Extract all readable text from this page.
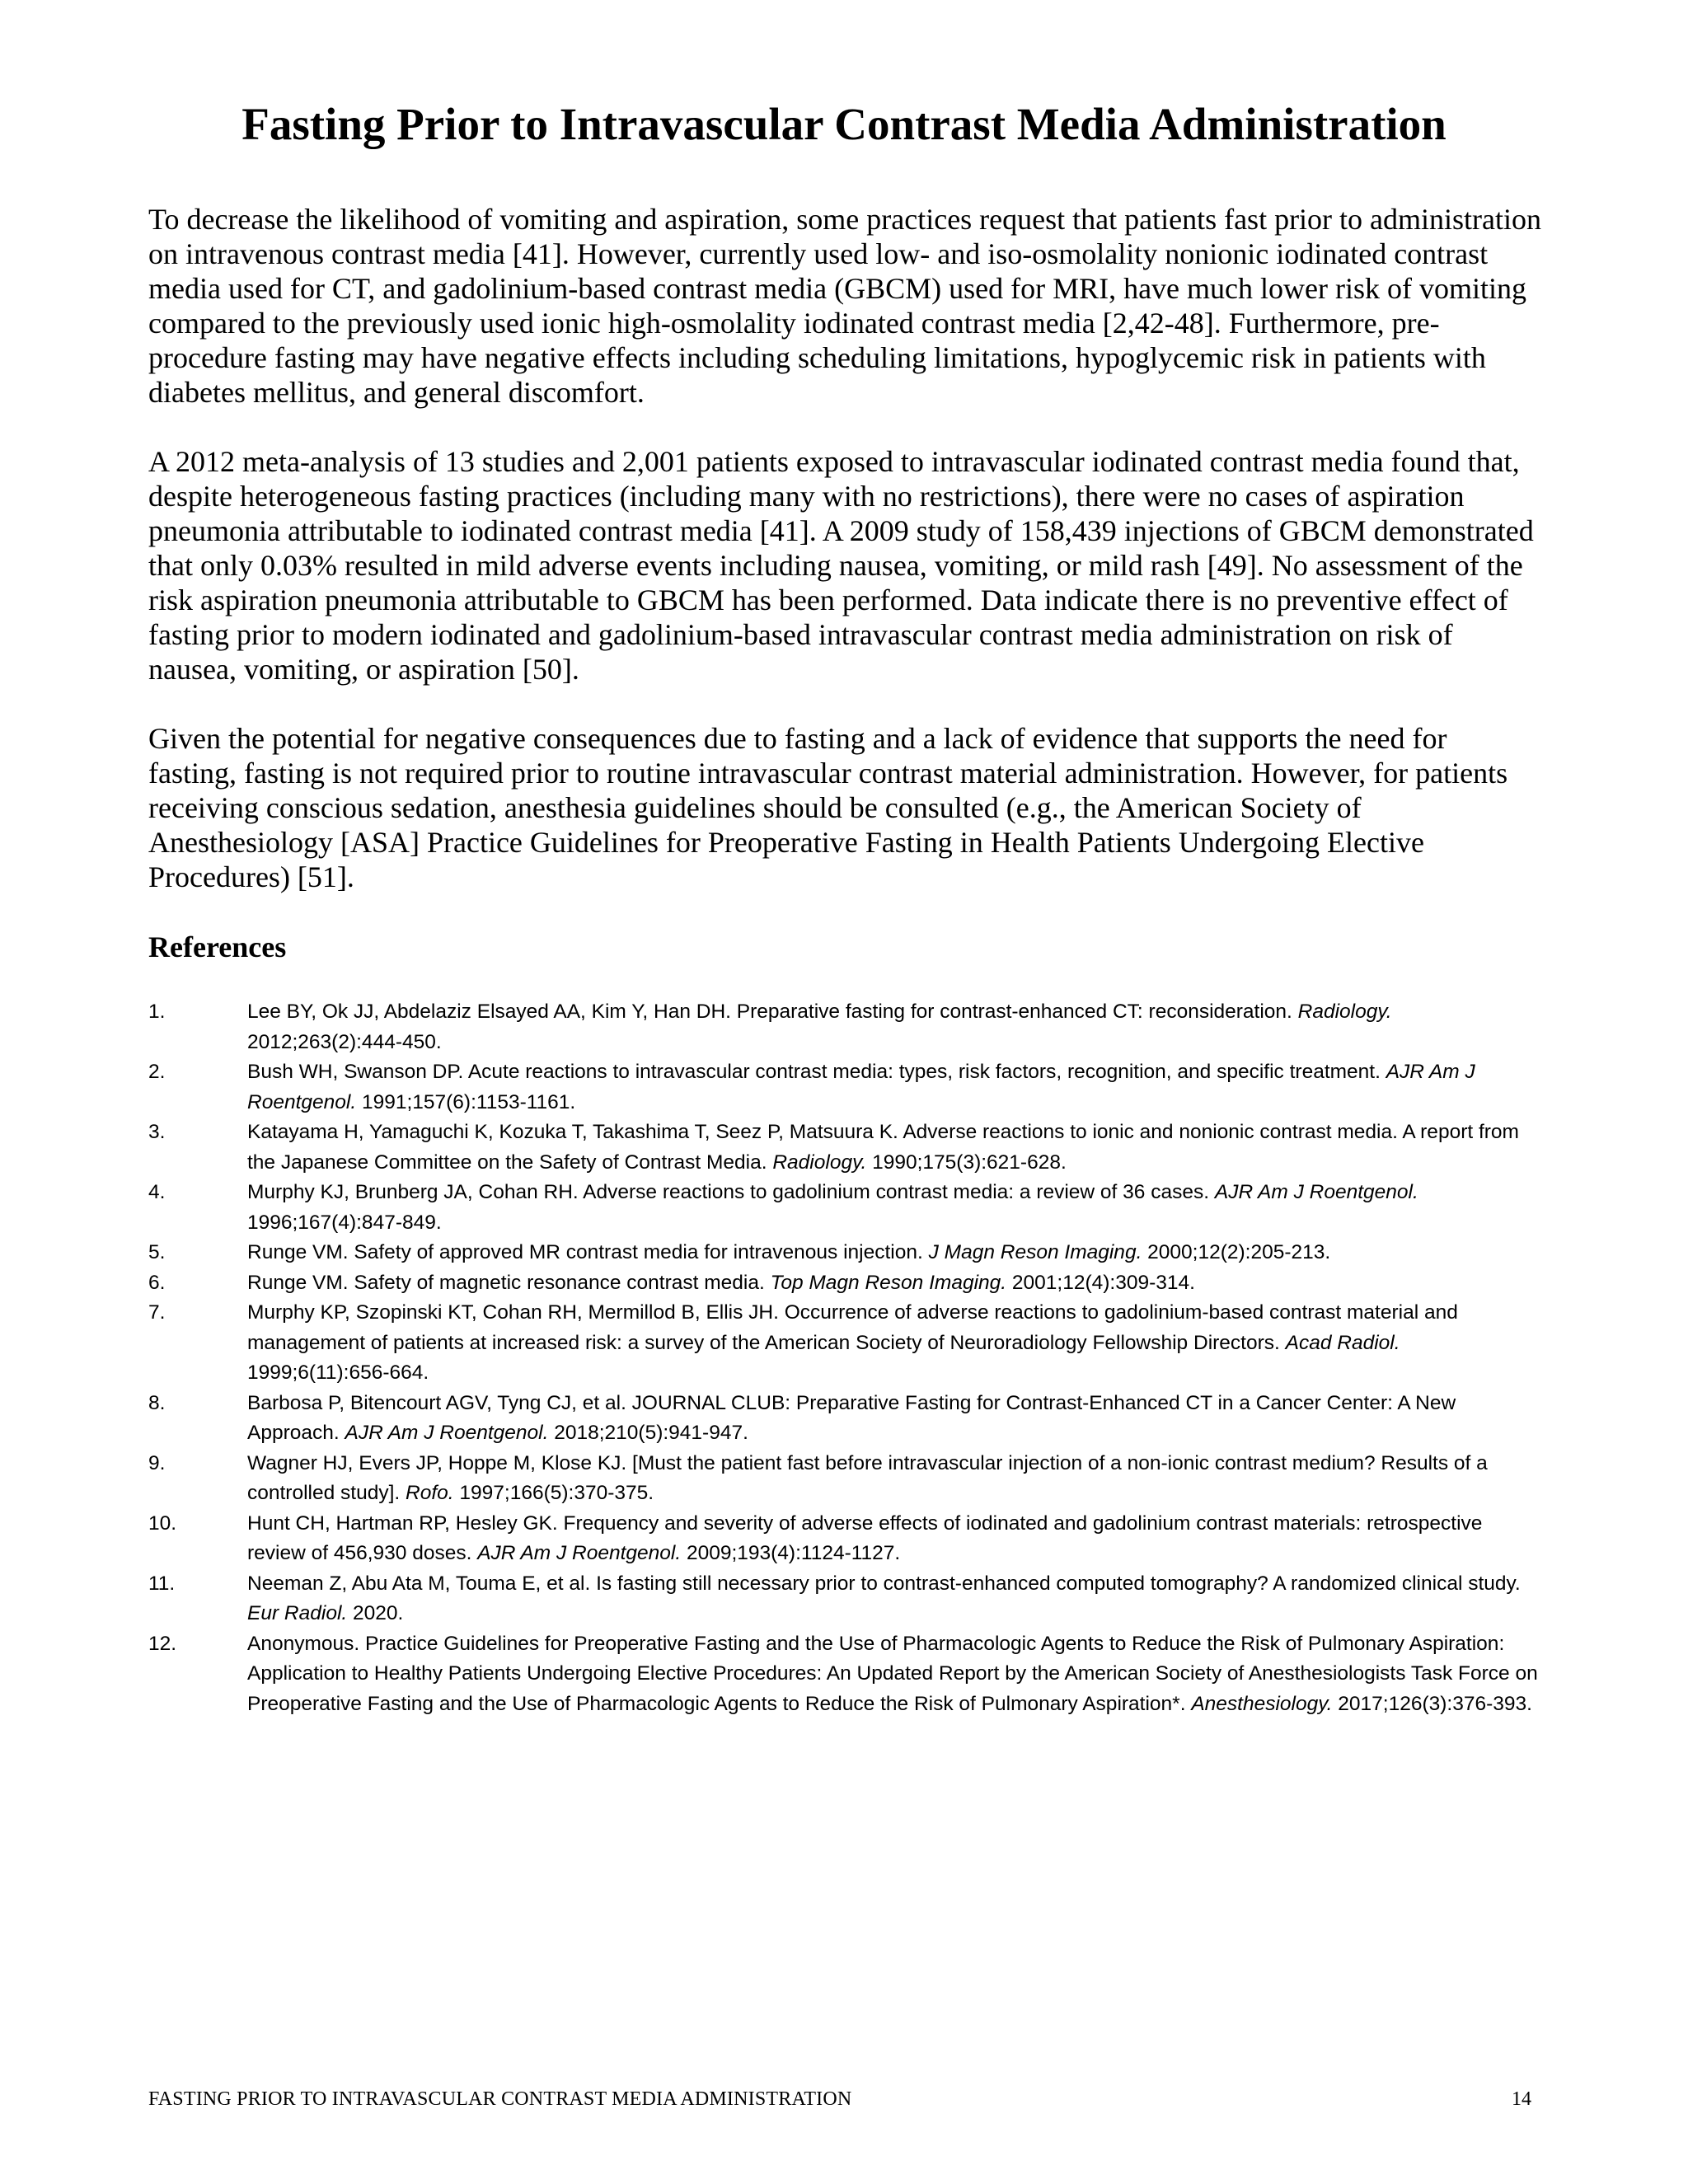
Fasting Prior to Intravascular Contrast Media Administration

To decrease the likelihood of vomiting and aspiration, some practices request that patients fast prior to administration on intravenous contrast media [41]. However, currently used low- and iso-osmolality nonionic iodinated contrast media used for CT, and gadolinium-based contrast media (GBCM) used for MRI, have much lower risk of vomiting compared to the previously used ionic high-osmolality iodinated contrast media [2,42-48]. Furthermore, pre-procedure fasting may have negative effects including scheduling limitations, hypoglycemic risk in patients with diabetes mellitus, and general discomfort.

A 2012 meta-analysis of 13 studies and 2,001 patients exposed to intravascular iodinated contrast media found that, despite heterogeneous fasting practices (including many with no restrictions), there were no cases of aspiration pneumonia attributable to iodinated contrast media [41]. A 2009 study of 158,439 injections of GBCM demonstrated that only 0.03% resulted in mild adverse events including nausea, vomiting, or mild rash [49]. No assessment of the risk aspiration pneumonia attributable to GBCM has been performed. Data indicate there is no preventive effect of fasting prior to modern iodinated and gadolinium-based intravascular contrast media administration on risk of nausea, vomiting, or aspiration [50].

Given the potential for negative consequences due to fasting and a lack of evidence that supports the need for fasting, fasting is not required prior to routine intravascular contrast material administration. However, for patients receiving conscious sedation, anesthesia guidelines should be consulted (e.g., the American Society of Anesthesiology [ASA] Practice Guidelines for Preoperative Fasting in Health Patients Undergoing Elective Procedures) [51].

References
1.	Lee BY, Ok JJ, Abdelaziz Elsayed AA, Kim Y, Han DH. Preparative fasting for contrast-enhanced CT: reconsideration. Radiology. 2012;263(2):444-450.
2.	Bush WH, Swanson DP. Acute reactions to intravascular contrast media: types, risk factors, recognition, and specific treatment. AJR Am J Roentgenol. 1991;157(6):1153-1161.
3.	Katayama H, Yamaguchi K, Kozuka T, Takashima T, Seez P, Matsuura K. Adverse reactions to ionic and nonionic contrast media. A report from the Japanese Committee on the Safety of Contrast Media. Radiology. 1990;175(3):621-628.
4.	Murphy KJ, Brunberg JA, Cohan RH. Adverse reactions to gadolinium contrast media: a review of 36 cases. AJR Am J Roentgenol. 1996;167(4):847-849.
5.	Runge VM. Safety of approved MR contrast media for intravenous injection. J Magn Reson Imaging. 2000;12(2):205-213.
6.	Runge VM. Safety of magnetic resonance contrast media. Top Magn Reson Imaging. 2001;12(4):309-314.
7.	Murphy KP, Szopinski KT, Cohan RH, Mermillod B, Ellis JH. Occurrence of adverse reactions to gadolinium-based contrast material and management of patients at increased risk: a survey of the American Society of Neuroradiology Fellowship Directors. Acad Radiol. 1999;6(11):656-664.
8.	Barbosa P, Bitencourt AGV, Tyng CJ, et al. JOURNAL CLUB: Preparative Fasting for Contrast-Enhanced CT in a Cancer Center: A New Approach. AJR Am J Roentgenol. 2018;210(5):941-947.
9.	Wagner HJ, Evers JP, Hoppe M, Klose KJ. [Must the patient fast before intravascular injection of a non-ionic contrast medium? Results of a controlled study]. Rofo. 1997;166(5):370-375.
10.	Hunt CH, Hartman RP, Hesley GK. Frequency and severity of adverse effects of iodinated and gadolinium contrast materials: retrospective review of 456,930 doses. AJR Am J Roentgenol. 2009;193(4):1124-1127.
11.	Neeman Z, Abu Ata M, Touma E, et al. Is fasting still necessary prior to contrast-enhanced computed tomography? A randomized clinical study. Eur Radiol. 2020.
12.	Anonymous. Practice Guidelines for Preoperative Fasting and the Use of Pharmacologic Agents to Reduce the Risk of Pulmonary Aspiration: Application to Healthy Patients Undergoing Elective Procedures: An Updated Report by the American Society of Anesthesiologists Task Force on Preoperative Fasting and the Use of Pharmacologic Agents to Reduce the Risk of Pulmonary Aspiration*. Anesthesiology. 2017;126(3):376-393.
FASTING PRIOR TO INTRAVASCULAR CONTRAST MEDIA ADMINISTRATION	14
